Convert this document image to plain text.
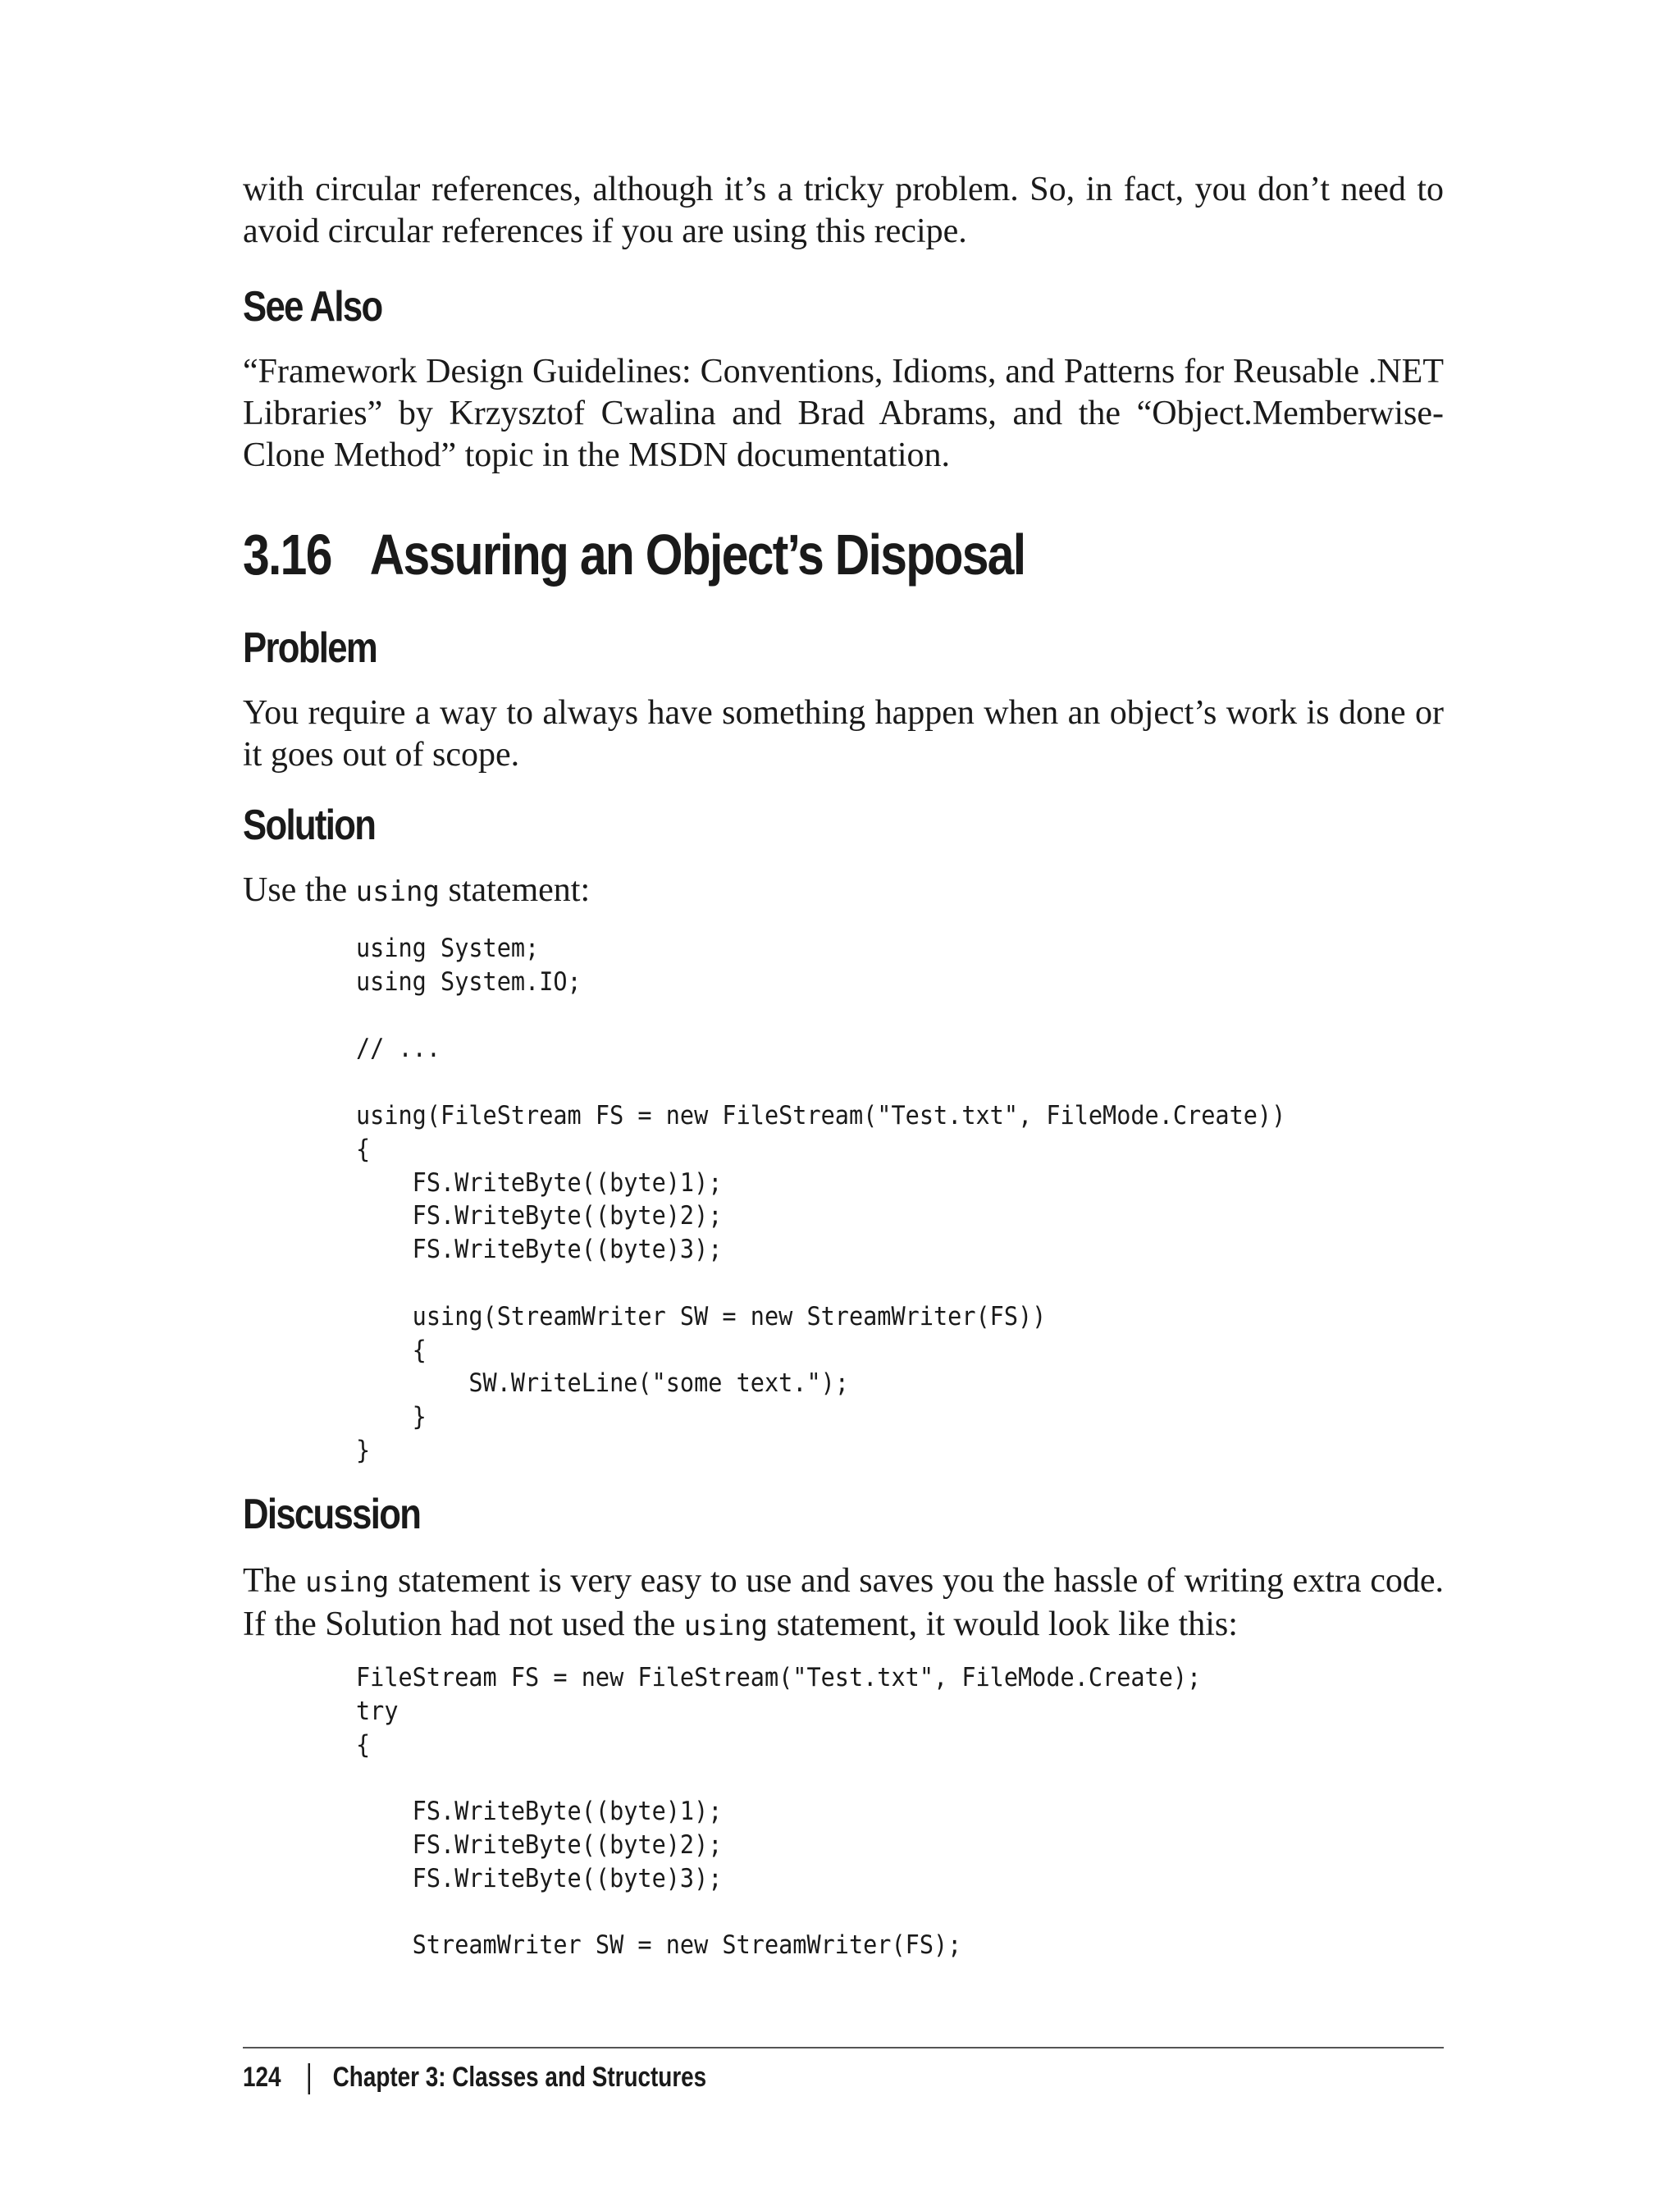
with circular references, although it’s a tricky problem. So, in fact, you don’t need to avoid circular references if you are using this recipe.

See Also

“Framework Design Guidelines: Conventions, Idioms, and Patterns for Reusable .NET Libraries” by Krzysztof Cwalina and Brad Abrams, and the “Object.Memberwise-Clone Method” topic in the MSDN documentation.

3.16 Assuring an Object’s Disposal
Problem

You require a way to always have something happen when an object’s work is done or it goes out of scope.

Solution

Use the using statement:

using System;
using System.IO;

// ...

using(FileStream FS = new FileStream("Test.txt", FileMode.Create))
{
FS.WriteByte((byte)1);
FS.WriteByte((byte)2);
FS.WriteByte((byte)3);

using(StreamWriter SW = new StreamWriter(FS))
{
SW.WriteLine("some text.");
}
}
Discussion

The using statement is very easy to use and saves you the hassle of writing extra code. If the Solution had not used the using statement, it would look like this:

FileStream FS = new FileStream("Test.txt", FileMode.Create);
try
{

FS.WriteByte((byte)1);
FS.WriteByte((byte)2);
FS.WriteByte((byte)3);

StreamWriter SW = new StreamWriter(FS);
124 Chapter 3: Classes and Structures
